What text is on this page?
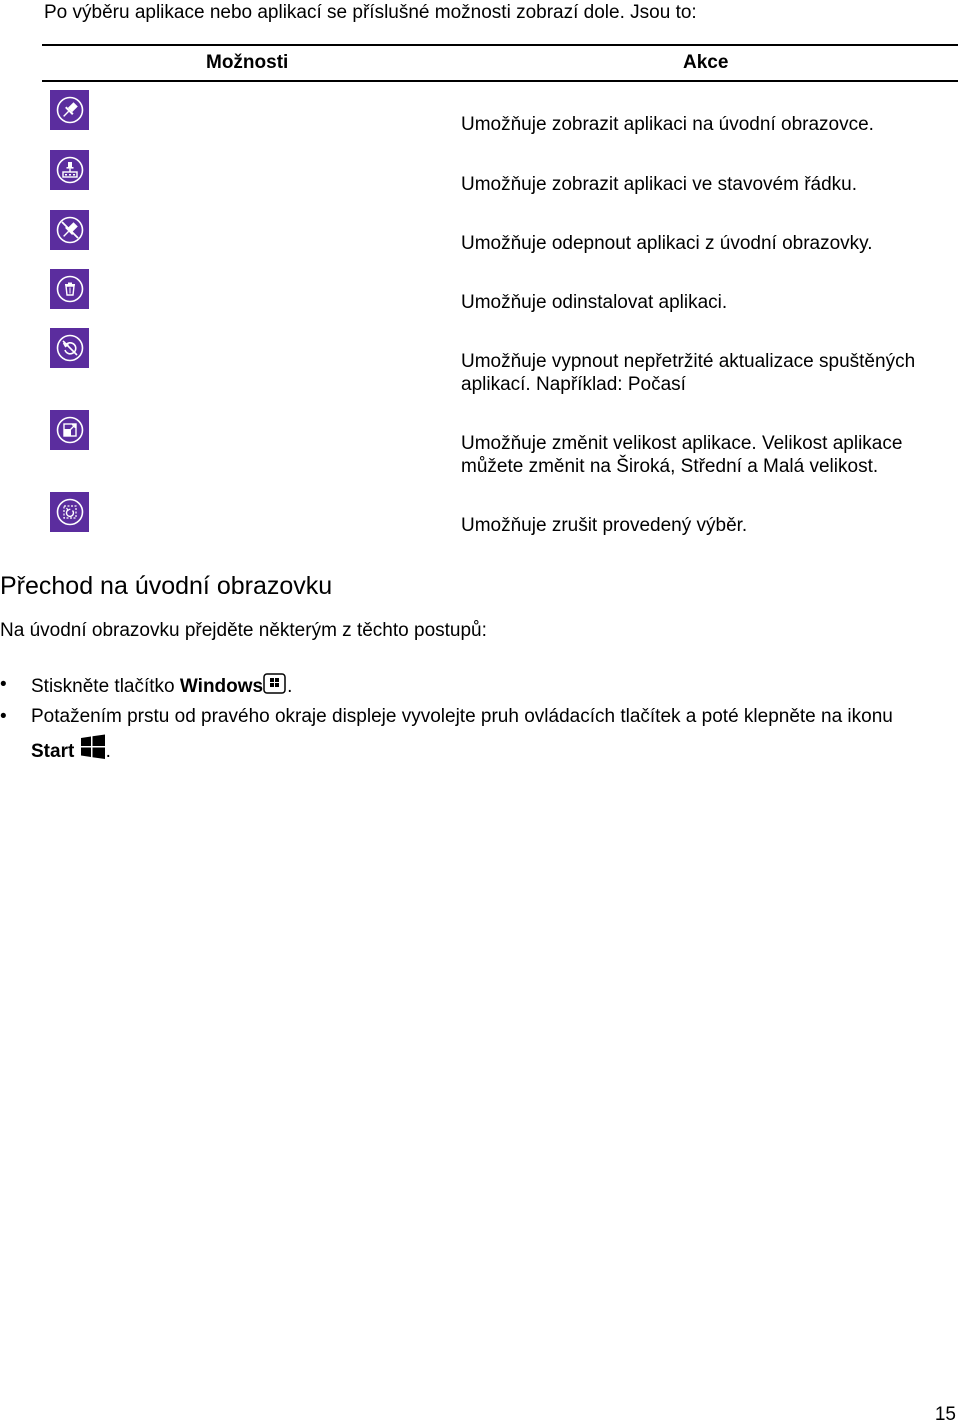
Po výběru aplikace nebo aplikací se příslušné možnosti zobrazí dole. Jsou to:
Možnosti	Akce
Umožňuje zobrazit aplikaci na úvodní obrazovce.
Umožňuje zobrazit aplikaci ve stavovém řádku.
Umožňuje odepnout aplikaci z úvodní obrazovky.
Umožňuje odinstalovat aplikaci.
Umožňuje vypnout nepřetržité aktualizace spuštěných
aplikací. Například: Počasí
Umožňuje změnit velikost aplikace. Velikost aplikace
můžete změnit na Široká, Střední a Malá velikost.
Umožňuje zrušit provedený výběr.
Přechod na úvodní obrazovku
Na úvodní obrazovku přejděte některým z těchto postupů:
• Stiskněte tlačítko Windows .
• Potažením prstu od pravého okraje displeje vyvolejte pruh ovládacích tlačítek a poté klepněte na ikonu
Start .
15
